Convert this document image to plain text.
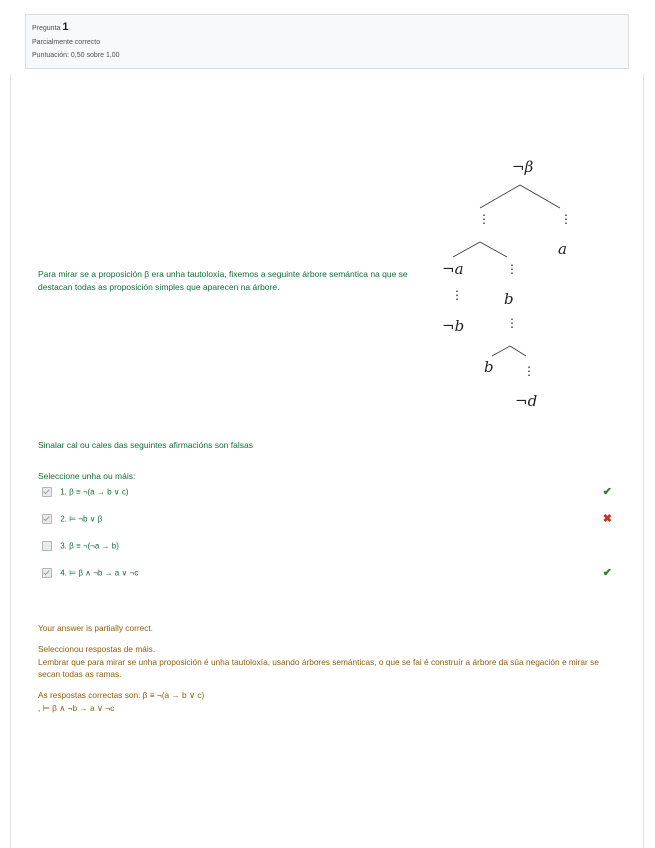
Pregunta 1
Parcialmente correcto
Puntuación: 0,50 sobre 1,00
Para mirar se a proposición β era unha tautoloxía, fixemos a seguinte árbore semántica na que se destacan todas as proposición simples que aparecen na árbore.
¬β
⋮	⋮
a
¬a	⋮
⋮	b
⋮
¬b
b ⋮
¬d
Sinalar cal ou cales das seguintes afirmacións son falsas
Seleccione unha ou máis:
1. β ≡ ¬(a → b ∨ c)	✔
2. ⊨ ¬b ∨ β	✖
3. β ≡ ¬(¬a → b)
4. ⊨ β ∧ ¬b → a ∨ ¬c	✔
Your answer is partially correct.
Seleccionou respostas de máis.
Lembrar que para mirar se unha proposición é unha tautoloxía, usando árbores semánticas, o que se fai é construír a árbore da súa negación e mirar se secan todas as ramas.
As respostas correctas son: β ≡ ¬(a → b ∨ c)
, ⊨ β ∧ ¬b → a ∨ ¬c
